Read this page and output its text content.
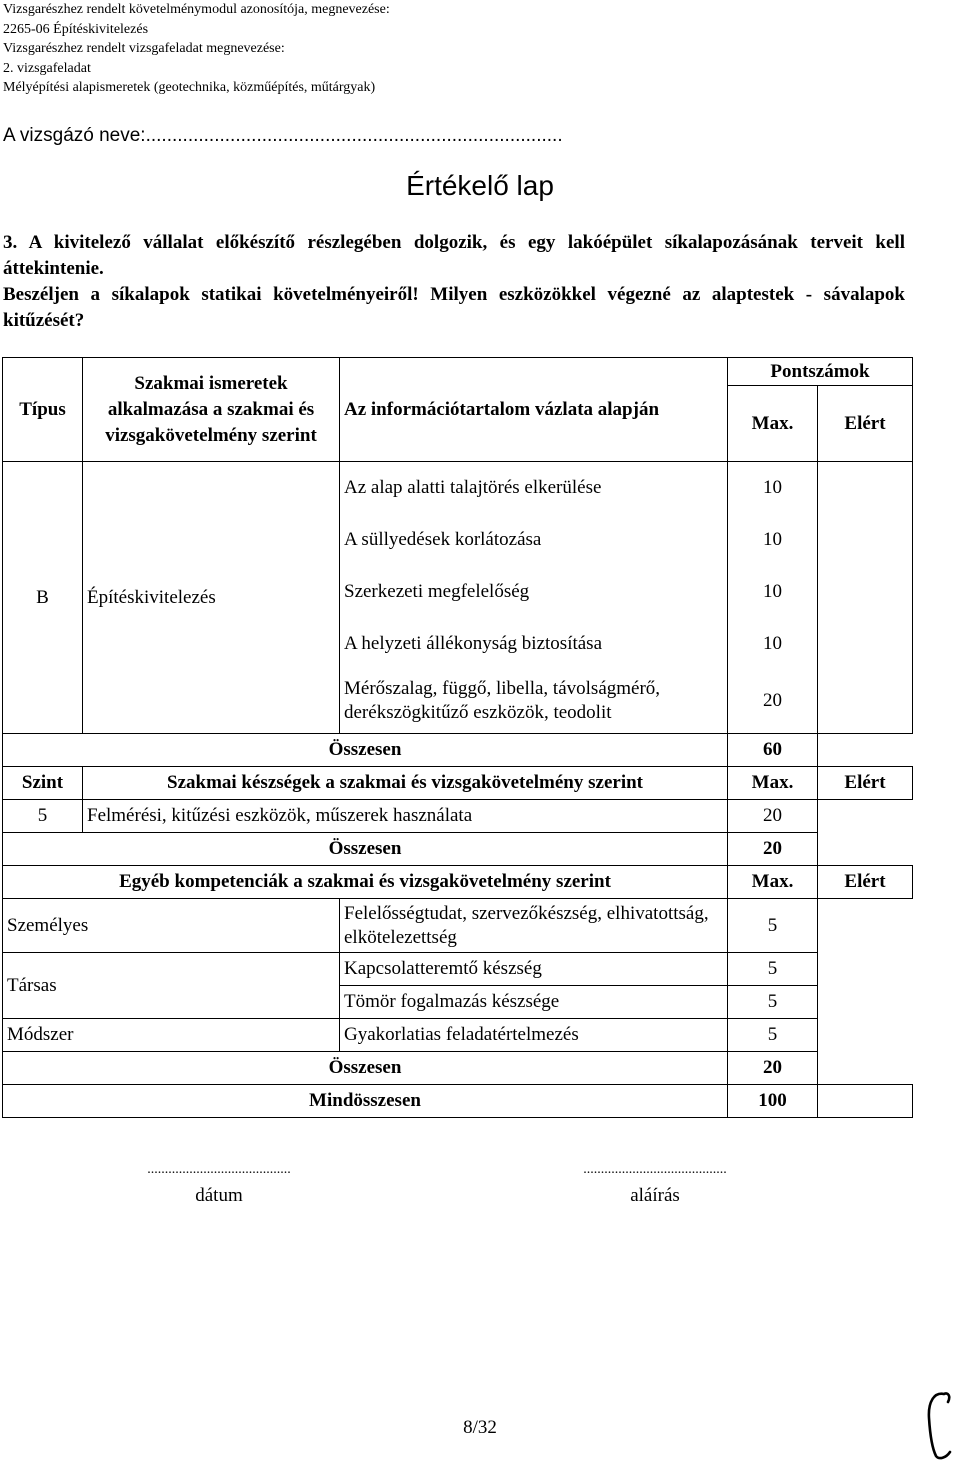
Vizsgarészhez rendelt követelménymodul azonosítója, megnevezése:
2265-06 Építéskivitelezés
Vizsgarészhez rendelt vizsgafeladat megnevezése:
2. vizsgafeladat
Mélyépítési alapismeretek (geotechnika, közműépítés, műtárgyak)
A vizsgázó neve:...............................................................................
Értékelő lap

3. A kivitelező vállalat előkészítő részlegében dolgozik, és egy lakóépület síkalapozásának terveit kell áttekintenie.

Beszéljen a síkalapok statikai követelményeiről! Milyen eszközökkel végezné az alaptestek - sávalapok kitűzését?

Típus	Szakmai ismeretek alkalmazása a szakmai és vizsgakövetelmény szerint	Az információtartalom vázlata alapján	Pontszámok	
			Max.	Elért
B	Építéskivitelezés	Az alap alatti talajtörés elkerülése	10	
		A süllyedések korlátozása	10	
		Szerkezeti megfelelőség	10	
		A helyzeti állékonyság biztosítása	10	
		Mérőszalag, függő, libella, távolságmérő, derékszögkitűző eszközök, teodolit	20	
Összesen			60	
Szint	Szakmai készségek a szakmai és vizsgakövetelmény szerint		Max.	Elért
5	Felmérési, kitűzési eszközök, műszerek használata		20	
Összesen			20	
Egyéb kompetenciák a szakmai és vizsgakövetelmény szerint			Max.	Elért
Személyes		Felelősségtudat, szervezőkészség, elhivatottság, elkötelezettség	5	
Társas		Kapcsolatteremtő készség	5	
		Tömör fogalmazás készsége	5	
Módszer		Gyakorlatias feladatértelmezés	5	
Összesen			20	
Mindösszesen			100	
.........................................
dátum
.........................................
aláírás
8/32
